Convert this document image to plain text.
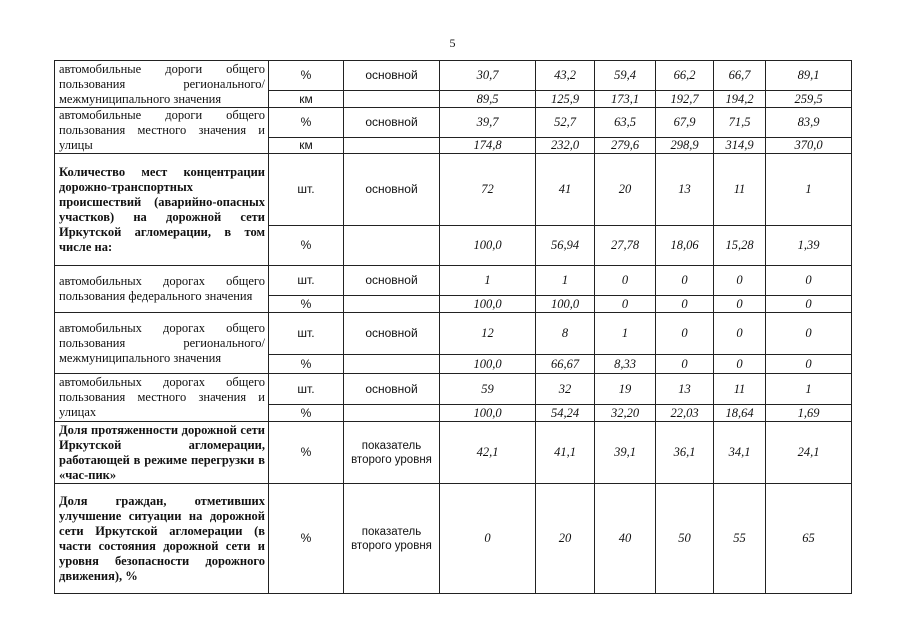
5
автомобильные дороги общего пользования регионального/ межмуниципального значения	%	основной	30,7	43,2	59,4	66,2	66,7	89,1
	км		89,5	125,9	173,1	192,7	194,2	259,5
автомобильные дороги общего пользования местного значения и улицы	%	основной	39,7	52,7	63,5	67,9	71,5	83,9
	км		174,8	232,0	279,6	298,9	314,9	370,0
Количество мест концентрации дорожно-транспортных происшествий (аварийно-опасных участков) на дорожной сети Иркутской агломерации, в том числе на:	шт.	основной	72	41	20	13	11	1
	%		100,0	56,94	27,78	18,06	15,28	1,39
автомобильных дорогах общего пользования федерального значения	шт.	основной	1	1	0	0	0	0
	%		100,0	100,0	0	0	0	0
автомобильных дорогах общего пользования регионального/ межмуниципального значения	шт.	основной	12	8	1	0	0	0
	%		100,0	66,67	8,33	0	0	0
автомобильных дорогах общего пользования местного значения и улицах	шт.	основной	59	32	19	13	11	1
	%		100,0	54,24	32,20	22,03	18,64	1,69
Доля протяженности дорожной сети Иркутской агломерации, работающей в режиме перегрузки в «час-пик»	%	показатель второго уровня	42,1	41,1	39,1	36,1	34,1	24,1
Доля граждан, отметивших улучшение ситуации на дорожной сети Иркутской агломерации (в части состояния дорожной сети и уровня безопасности дорожного движения), %	%	показатель второго уровня	0	20	40	50	55	65
